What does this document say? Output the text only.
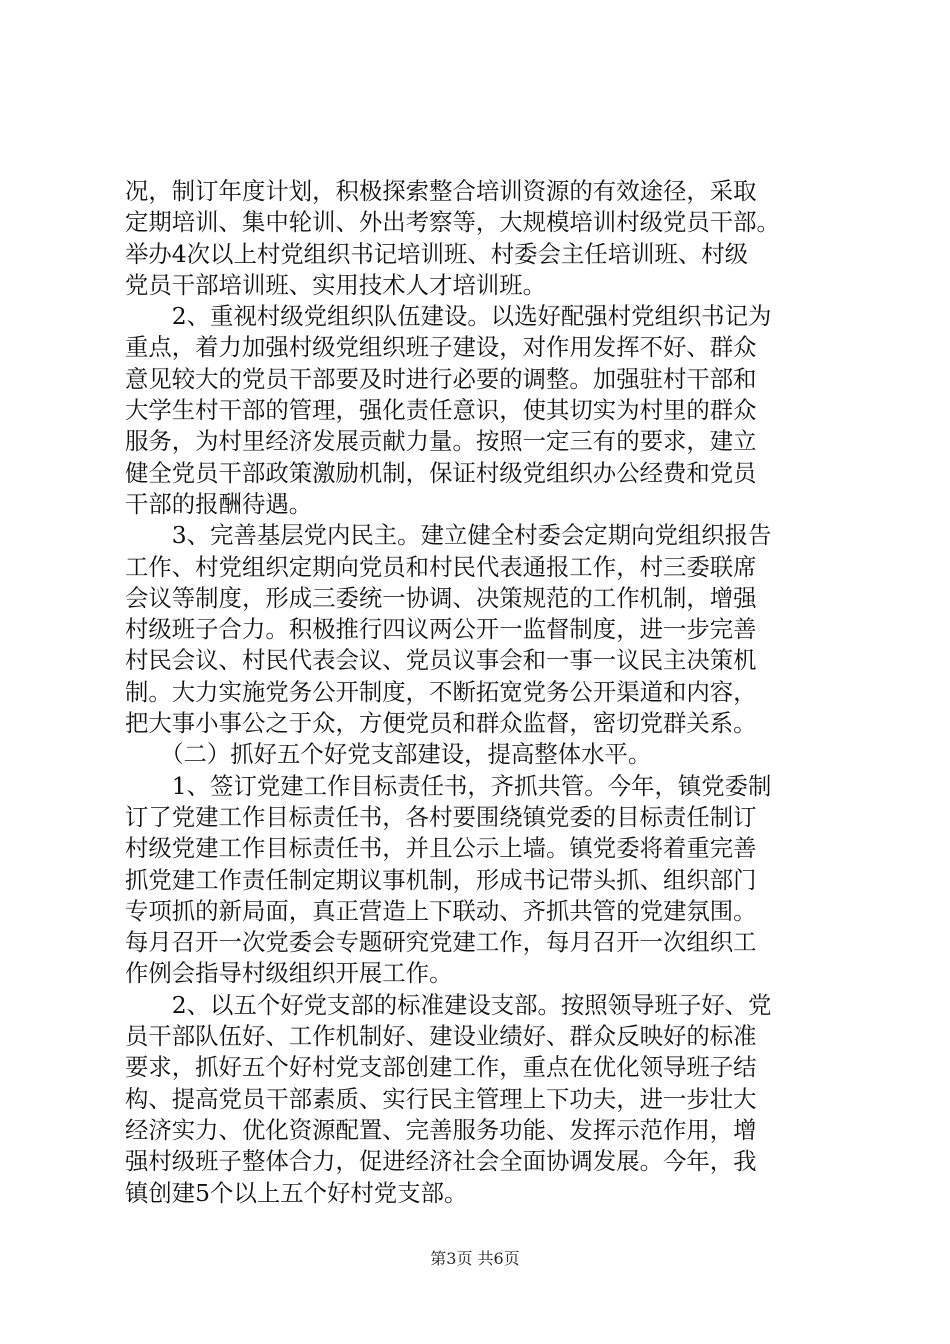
况，制订年度计划，积极探索整合培训资源的有效途径，采取
定期培训、集中轮训、外出考察等，大规模培训村级党员干部。
举办4次以上村党组织书记培训班、村委会主任培训班、村级
党员干部培训班、实用技术人才培训班。
　　2、重视村级党组织队伍建设。以选好配强村党组织书记为
重点，着力加强村级党组织班子建设，对作用发挥不好、群众
意见较大的党员干部要及时进行必要的调整。加强驻村干部和
大学生村干部的管理，强化责任意识，使其切实为村里的群众
服务，为村里经济发展贡献力量。按照一定三有的要求，建立
健全党员干部政策激励机制，保证村级党组织办公经费和党员
干部的报酬待遇。
　　3、完善基层党内民主。建立健全村委会定期向党组织报告
工作、村党组织定期向党员和村民代表通报工作，村三委联席
会议等制度，形成三委统一协调、决策规范的工作机制，增强
村级班子合力。积极推行四议两公开一监督制度，进一步完善
村民会议、村民代表会议、党员议事会和一事一议民主决策机
制。大力实施党务公开制度，不断拓宽党务公开渠道和内容，
把大事小事公之于众，方便党员和群众监督，密切党群关系。
　　（二）抓好五个好党支部建设，提高整体水平。
　　1、签订党建工作目标责任书，齐抓共管。今年，镇党委制
订了党建工作目标责任书，各村要围绕镇党委的目标责任制订
村级党建工作目标责任书，并且公示上墙。镇党委将着重完善
抓党建工作责任制定期议事机制，形成书记带头抓、组织部门
专项抓的新局面，真正营造上下联动、齐抓共管的党建氛围。
每月召开一次党委会专题研究党建工作，每月召开一次组织工
作例会指导村级组织开展工作。
　　2、以五个好党支部的标准建设支部。按照领导班子好、党
员干部队伍好、工作机制好、建设业绩好、群众反映好的标准
要求，抓好五个好村党支部创建工作，重点在优化领导班子结
构、提高党员干部素质、实行民主管理上下功夫，进一步壮大
经济实力、优化资源配置、完善服务功能、发挥示范作用，增
强村级班子整体合力，促进经济社会全面协调发展。今年，我
镇创建5个以上五个好村党支部。
第3页 共6页
